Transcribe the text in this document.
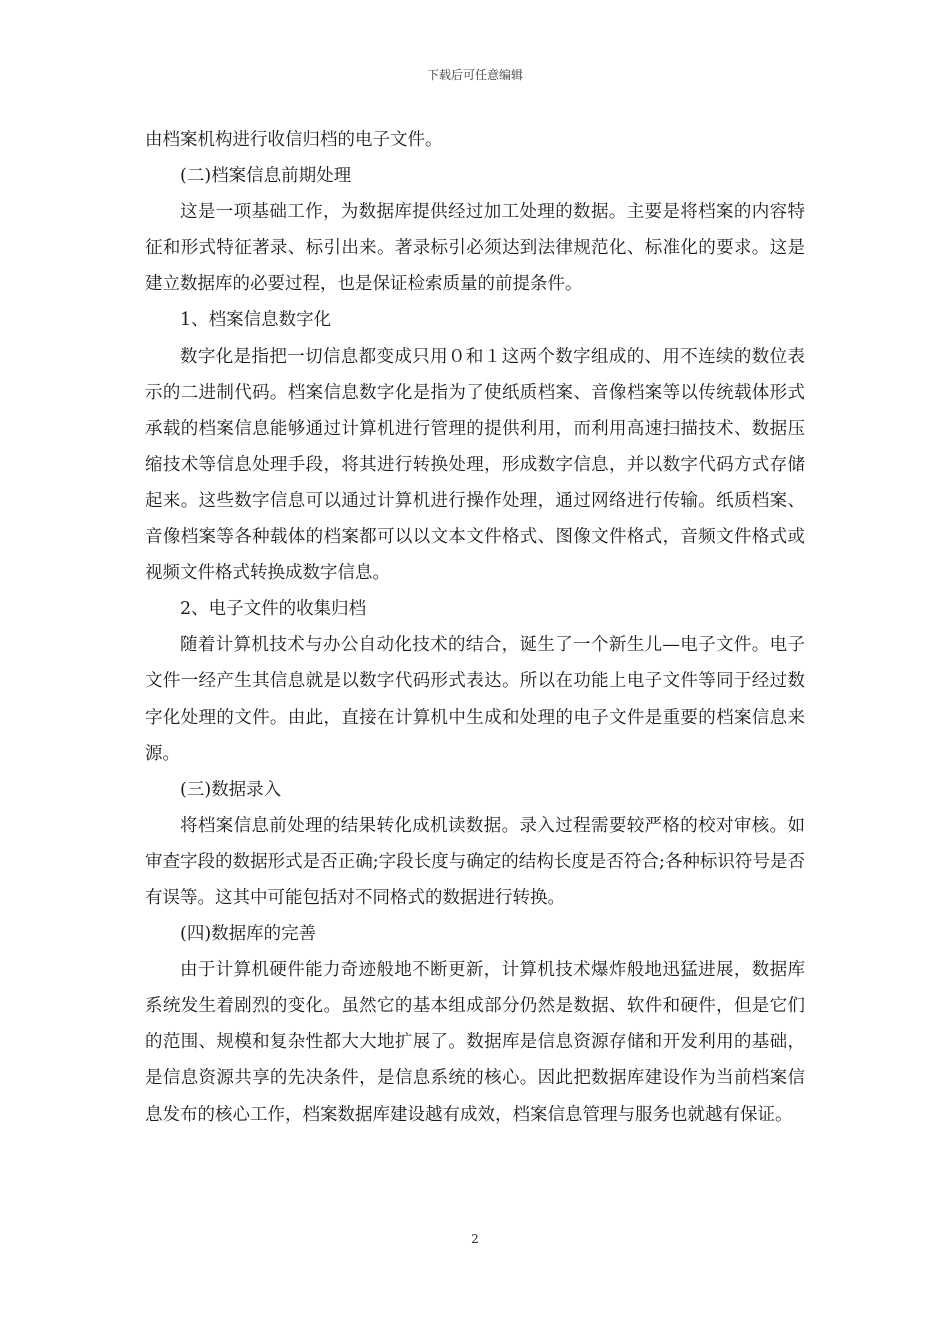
下载后可任意编辑

由档案机构进行收信归档的电子文件。

(二)档案信息前期处理

这是一项基础工作，为数据库提供经过加工处理的数据。主要是将档案的内容特征和形式特征著录、标引出来。著录标引必须达到法律规范化、标准化的要求。这是建立数据库的必要过程，也是保证检索质量的前提条件。

1、档案信息数字化

数字化是指把一切信息都变成只用０和１这两个数字组成的、用不连续的数位表示的二进制代码。档案信息数字化是指为了使纸质档案、音像档案等以传统载体形式承载的档案信息能够通过计算机进行管理的提供利用，而利用高速扫描技术、数据压缩技术等信息处理手段，将其进行转换处理，形成数字信息，并以数字代码方式存储起来。这些数字信息可以通过计算机进行操作处理，通过网络进行传输。纸质档案、音像档案等各种载体的档案都可以以文本文件格式、图像文件格式，音频文件格式或视频文件格式转换成数字信息。

2、电子文件的收集归档

随着计算机技术与办公自动化技术的结合，诞生了一个新生儿—电子文件。电子文件一经产生其信息就是以数字代码形式表达。所以在功能上电子文件等同于经过数字化处理的文件。由此，直接在计算机中生成和处理的电子文件是重要的档案信息来源。

(三)数据录入

将档案信息前处理的结果转化成机读数据。录入过程需要较严格的校对审核。如审查字段的数据形式是否正确;字段长度与确定的结构长度是否符合;各种标识符号是否有误等。这其中可能包括对不同格式的数据进行转换。

(四)数据库的完善

由于计算机硬件能力奇迹般地不断更新，计算机技术爆炸般地迅猛进展，数据库系统发生着剧烈的变化。虽然它的基本组成部分仍然是数据、软件和硬件，但是它们的范围、规模和复杂性都大大地扩展了。数据库是信息资源存储和开发利用的基础，是信息资源共享的先决条件，是信息系统的核心。因此把数据库建设作为当前档案信息发布的核心工作，档案数据库建设越有成效，档案信息管理与服务也就越有保证。

2
